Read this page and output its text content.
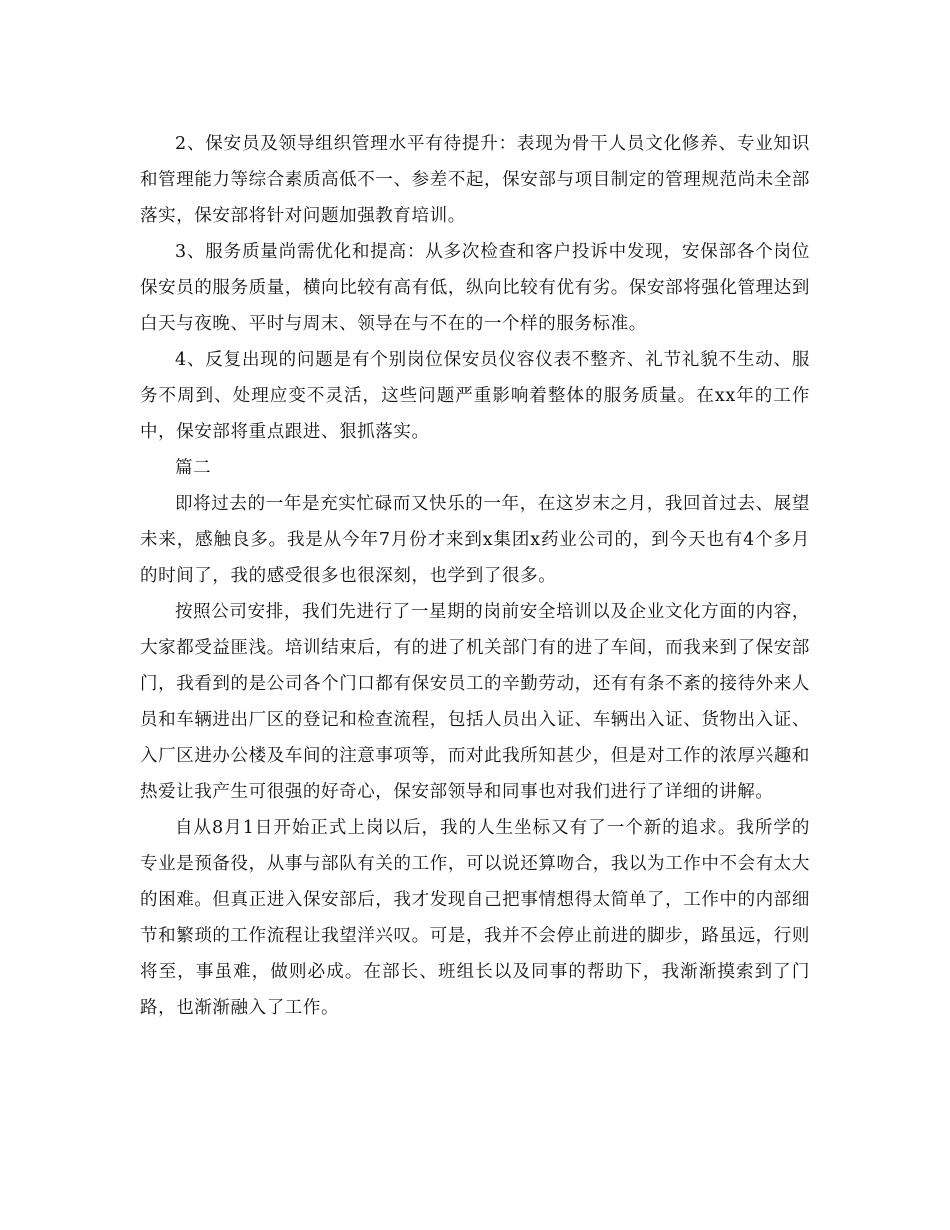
2、保安员及领导组织管理水平有待提升：表现为骨干人员文化修养、专业知识和管理能力等综合素质高低不一、参差不起，保安部与项目制定的管理规范尚未全部落实，保安部将针对问题加强教育培训。

3、服务质量尚需优化和提高：从多次检查和客户投诉中发现，安保部各个岗位保安员的服务质量，横向比较有高有低，纵向比较有优有劣。保安部将强化管理达到白天与夜晚、平时与周末、领导在与不在的一个样的服务标准。

4、反复出现的问题是有个别岗位保安员仪容仪表不整齐、礼节礼貌不生动、服务不周到、处理应变不灵活，这些问题严重影响着整体的服务质量。在xx年的工作中，保安部将重点跟进、狠抓落实。

篇二

即将过去的一年是充实忙碌而又快乐的一年，在这岁末之月，我回首过去、展望未来，感触良多。我是从今年7月份才来到x集团x药业公司的，到今天也有4个多月的时间了，我的感受很多也很深刻，也学到了很多。

按照公司安排，我们先进行了一星期的岗前安全培训以及企业文化方面的内容，大家都受益匪浅。培训结束后，有的进了机关部门有的进了车间，而我来到了保安部门，我看到的是公司各个门口都有保安员工的辛勤劳动，还有有条不紊的接待外来人员和车辆进出厂区的登记和检查流程，包括人员出入证、车辆出入证、货物出入证、入厂区进办公楼及车间的注意事项等，而对此我所知甚少，但是对工作的浓厚兴趣和热爱让我产生可很强的好奇心，保安部领导和同事也对我们进行了详细的讲解。

自从8月1日开始正式上岗以后，我的人生坐标又有了一个新的追求。我所学的专业是预备役，从事与部队有关的工作，可以说还算吻合，我以为工作中不会有太大的困难。但真正进入保安部后，我才发现自己把事情想得太简单了，工作中的内部细节和繁琐的工作流程让我望洋兴叹。可是，我并不会停止前进的脚步，路虽远，行则将至，事虽难，做则必成。在部长、班组长以及同事的帮助下，我渐渐摸索到了门路，也渐渐融入了工作。
